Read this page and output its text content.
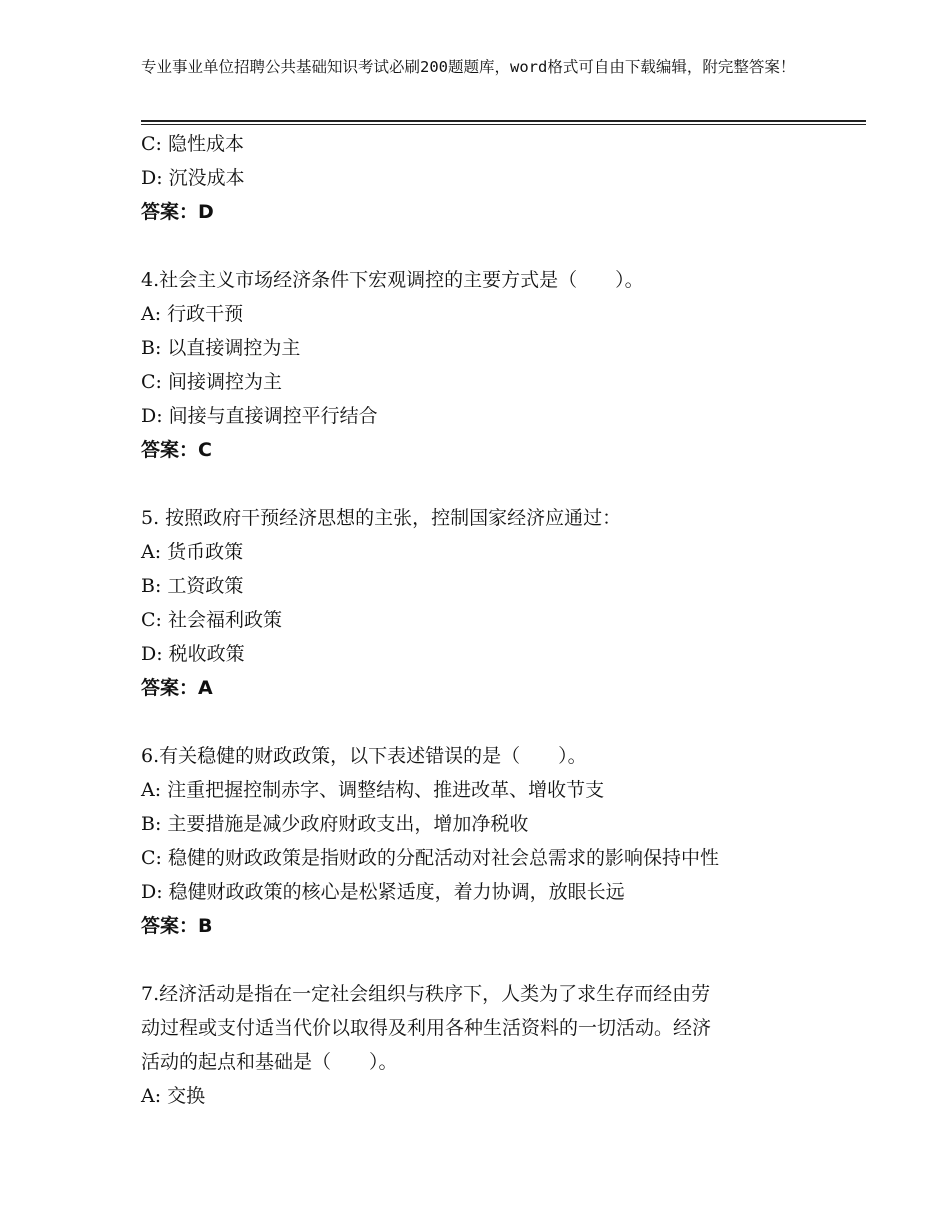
专业事业单位招聘公共基础知识考试必刷200题题库，word格式可自由下载编辑，附完整答案！
C: 隐性成本
D: 沉没成本
答案：D
4.社会主义市场经济条件下宏观调控的主要方式是（　　）。
A: 行政干预
B: 以直接调控为主
C: 间接调控为主
D: 间接与直接调控平行结合
答案：C
5. 按照政府干预经济思想的主张，控制国家经济应通过：
A: 货币政策
B: 工资政策
C: 社会福利政策
D: 税收政策
答案：A
6.有关稳健的财政政策，以下表述错误的是（　　）。
A: 注重把握控制赤字、调整结构、推进改革、增收节支
B: 主要措施是减少政府财政支出，增加净税收
C: 稳健的财政政策是指财政的分配活动对社会总需求的影响保持中性
D: 稳健财政政策的核心是松紧适度，着力协调，放眼长远
答案：B
7.经济活动是指在一定社会组织与秩序下，人类为了求生存而经由劳
动过程或支付适当代价以取得及利用各种生活资料的一切活动。经济
活动的起点和基础是（　　）。
A: 交换
